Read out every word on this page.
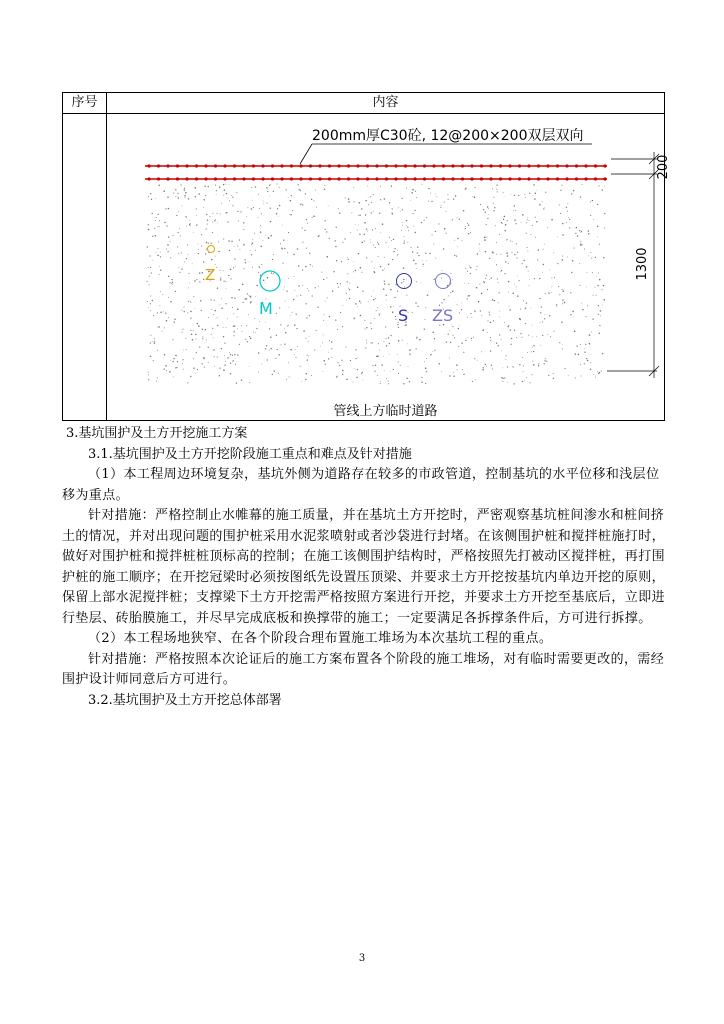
序号	内容
200mm厚C30砼, 12@200×200双层双向
200
1300
Z
M	S ZS
管线上方临时道路

3.基坑围护及土方开挖施工方案

3.1.基坑围护及土方开挖阶段施工重点和难点及针对措施

（1）本工程周边环境复杂，基坑外侧为道路存在较多的市政管道，控制基坑的水平位移和浅层位移为重点。

针对措施：严格控制止水帷幕的施工质量，并在基坑土方开挖时，严密观察基坑桩间渗水和桩间挤土的情况，并对出现问题的围护桩采用水泥浆喷射或者沙袋进行封堵。在该侧围护桩和搅拌桩施打时，做好对围护桩和搅拌桩桩顶标高的控制；在施工该侧围护结构时，严格按照先打被动区搅拌桩，再打围护桩的施工顺序；在开挖冠梁时必须按图纸先设置压顶梁、并要求土方开挖按基坑内单边开挖的原则，保留上部水泥搅拌桩；支撑梁下土方开挖需严格按照方案进行开挖，并要求土方开挖至基底后，立即进行垫层、砖胎膜施工，并尽早完成底板和换撑带的施工；一定要满足各拆撑条件后，方可进行拆撑。

（2）本工程场地狭窄、在各个阶段合理布置施工堆场为本次基坑工程的重点。

针对措施：严格按照本次论证后的施工方案布置各个阶段的施工堆场，对有临时需要更改的，需经围护设计师同意后方可进行。

3.2.基坑围护及土方开挖总体部署

3
